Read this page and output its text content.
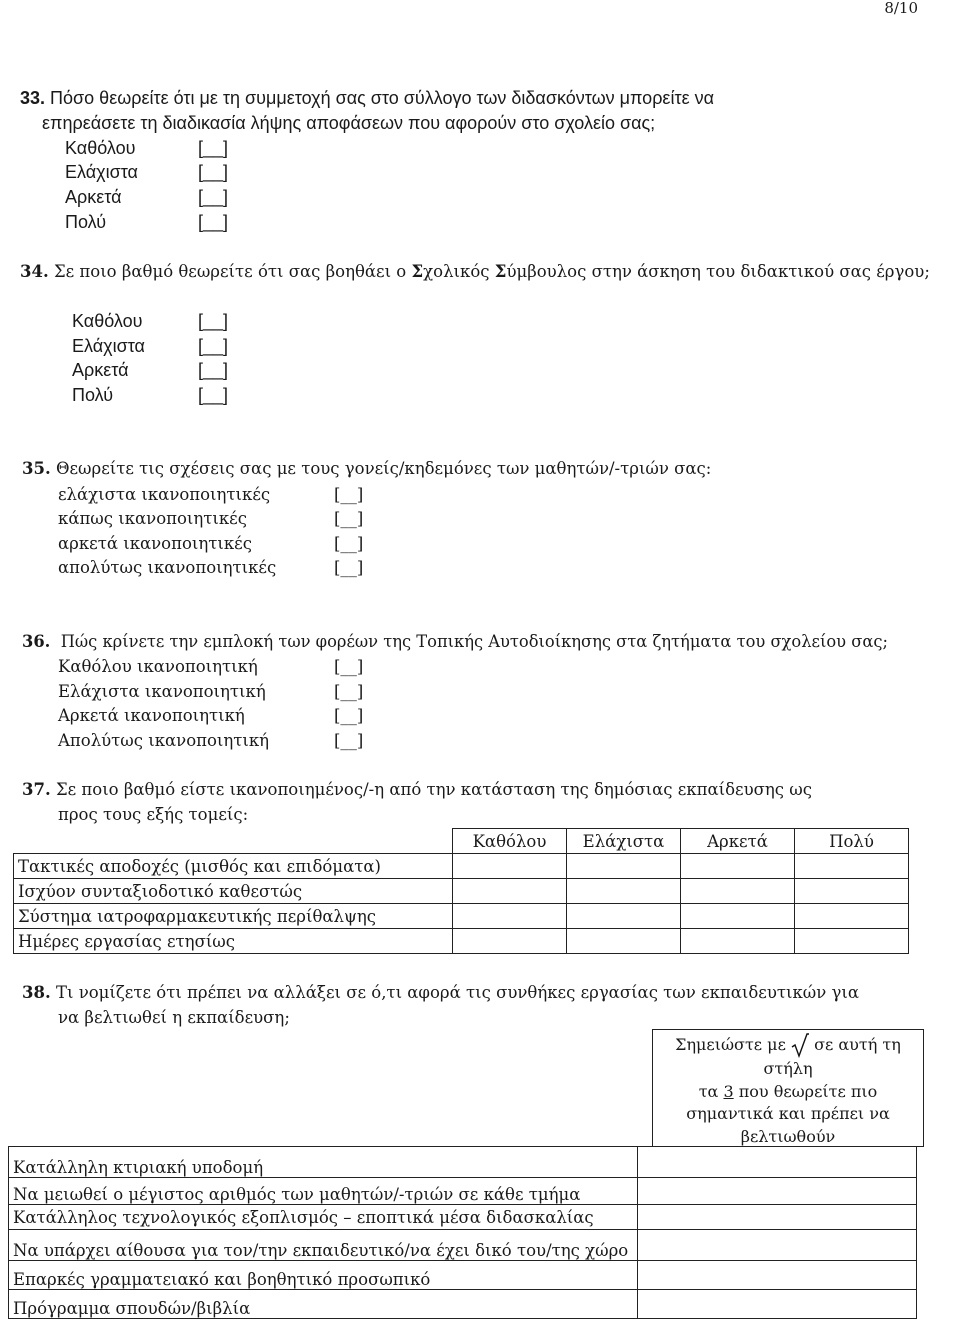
8/10
33. Πόσο θεωρείτε ότι με τη συμμετοχή σας στο σύλλογο των διδασκόντων μπορείτε να
επηρεάσετε τη διαδικασία λήψης αποφάσεων που αφορούν στο σχολείο σας;
Καθόλου	[__]
Ελάχιστα	[__]
Αρκετά	[__]
Πολύ	[__]
34. Σε ποιο βαθμό θεωρείτε ότι σας βοηθάει ο Σχολικός Σύμβουλος στην άσκηση του διδακτικού σας έργου;
Καθόλου	[__]
Ελάχιστα	[__]
Αρκετά	[__]
Πολύ	[__]
35. Θεωρείτε τις σχέσεις σας με τους γονείς/κηδεμόνες των μαθητών/-τριών σας:
ελάχιστα ικανοποιητικές	[__]
κάπως ικανοποιητικές	[__]
αρκετά ικανοποιητικές	[__]
απολύτως ικανοποιητικές	[__]
36. Πώς κρίνετε την εμπλοκή των φορέων της Τοπικής Αυτοδιοίκησης στα ζητήματα του σχολείου σας;
Καθόλου ικανοποιητική	[__]
Ελάχιστα ικανοποιητική	[__]
Αρκετά ικανοποιητική	[__]
Απολύτως ικανοποιητική	[__]
37. Σε ποιο βαθμό είστε ικανοποιημένος/-η από την κατάσταση της δημόσιας εκπαίδευσης ως
προς τους εξής τομείς:
	Καθόλου	Ελάχιστα	Αρκετά	Πολύ
Τακτικές αποδοχές (μισθός και επιδόματα)				
Ισχύον συνταξιοδοτικό καθεστώς				
Σύστημα ιατροφαρμακευτικής περίθαλψης				
Ημέρες εργασίας ετησίως				
38. Τι νομίζετε ότι πρέπει να αλλάξει σε ό,τι αφορά τις συνθήκες εργασίας των εκπαιδευτικών για
να βελτιωθεί η εκπαίδευση;
Σημειώστε με σε αυτή τη
στήλη
τα 3 που θεωρείτε πιο
σημαντικά και πρέπει να
βελτιωθούν
Κατάλληλη κτιριακή υποδομή	
Να μειωθεί ο μέγιστος αριθμός των μαθητών/-τριών σε κάθε τμήμα	
Κατάλληλος τεχνολογικός εξοπλισμός – εποπτικά μέσα διδασκαλίας	
Να υπάρχει αίθουσα για τον/την εκπαιδευτικό/να έχει δικό του/της χώρο	
Επαρκές γραμματειακό και βοηθητικό προσωπικό	
Πρόγραμμα σπουδών/βιβλία	
